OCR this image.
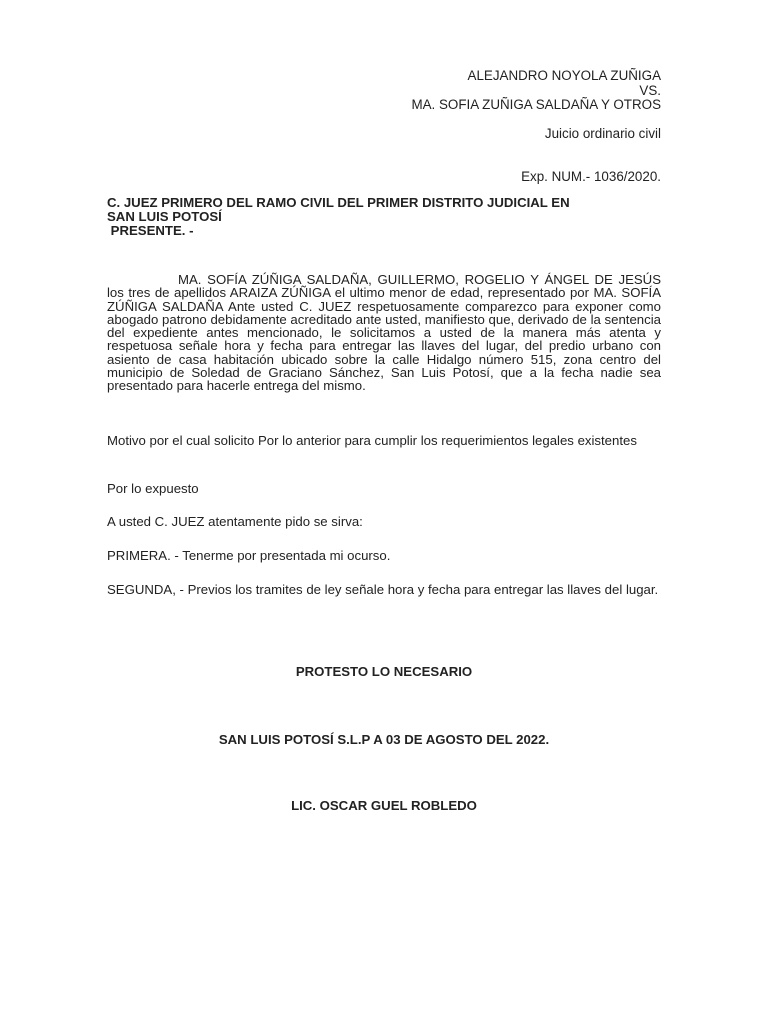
ALEJANDRO NOYOLA ZUÑIGA
VS.
MA. SOFIA ZUÑIGA SALDAÑA Y OTROS
Juicio ordinario civil
Exp. NUM.- 1036/2020.
C. JUEZ PRIMERO DEL RAMO CIVIL DEL PRIMER DISTRITO JUDICIAL EN
SAN LUIS POTOSÍ
PRESENTE. -

MA. SOFÍA ZÚÑIGA SALDAÑA, GUILLERMO, ROGELIO Y ÁNGEL DE JESÚS los tres de apellidos ARAIZA ZÚÑIGA el ultimo menor de edad, representado por MA. SOFÍA ZÚÑIGA SALDAÑA Ante usted C. JUEZ respetuosamente comparezco para exponer como abogado patrono debidamente acreditado ante usted, manifiesto que, derivado de la sentencia del expediente antes mencionado, le solicitamos a usted de la manera más atenta y respetuosa señale hora y fecha para entregar las llaves del lugar, del predio urbano con asiento de casa habitación ubicado sobre la calle Hidalgo número 515, zona centro del municipio de Soledad de Graciano Sánchez, San Luis Potosí, que a la fecha nadie sea presentado para hacerle entrega del mismo.

Motivo por el cual solicito Por lo anterior para cumplir los requerimientos legales existentes

Por lo expuesto

A usted C. JUEZ atentamente pido se sirva:

PRIMERA. - Tenerme por presentada mi ocurso.

SEGUNDA, - Previos los tramites de ley señale hora y fecha para entregar las llaves del lugar.

PROTESTO LO NECESARIO
SAN LUIS POTOSÍ S.L.P A 03 DE AGOSTO DEL 2022.
LIC. OSCAR GUEL ROBLEDO
